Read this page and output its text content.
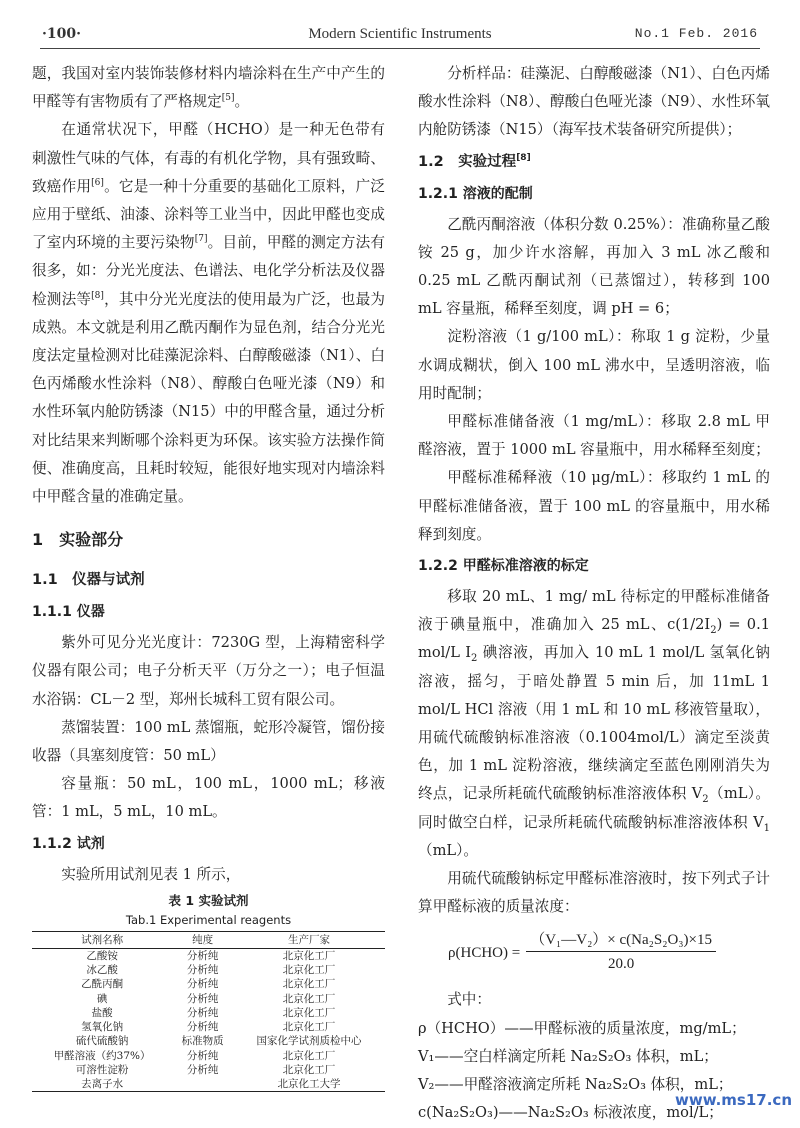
·100·	Modern Scientific Instruments	No.1 Feb. 2016

题，我国对室内装饰装修材料内墙涂料在生产中产生的甲醛等有害物质有了严格规定[5]。

在通常状况下，甲醛（HCHO）是一种无色带有刺激性气味的气体，有毒的有机化学物，具有强致畸、致癌作用[6]。它是一种十分重要的基础化工原料，广泛应用于壁纸、油漆、涂料等工业当中，因此甲醛也变成了室内环境的主要污染物[7]。目前，甲醛的测定方法有很多，如：分光光度法、色谱法、电化学分析法及仪器检测法等[8]，其中分光光度法的使用最为广泛，也最为成熟。本文就是利用乙酰丙酮作为显色剂，结合分光光度法定量检测对比硅藻泥涂料、白醇酸磁漆（N1）、白色丙烯酸水性涂料（N8）、醇酸白色哑光漆（N9）和水性环氧内舱防锈漆（N15）中的甲醛含量，通过分析对比结果来判断哪个涂料更为环保。该实验方法操作简便、准确度高，且耗时较短，能很好地实现对内墙涂料中甲醛含量的准确定量。

1　实验部分
1.1　仪器与试剂
1.1.1 仪器

紫外可见分光光度计：7230G 型，上海精密科学仪器有限公司；电子分析天平（万分之一）；电子恒温水浴锅：CL－2 型，郑州长城科工贸有限公司。

蒸馏装置：100 mL 蒸馏瓶，蛇形冷凝管，馏份接收器（具塞刻度管：50 mL）

容量瓶：50 mL，100 mL，1000 mL；移液管：1 mL，5 mL，10 mL。

1.1.2 试剂

实验所用试剂见表 1 所示，

表 1 实验试剂
Tab.1 Experimental reagents
试剂名称	纯度	生产厂家
乙酸铵	分析纯	北京化工厂
冰乙酸	分析纯	北京化工厂
乙酰丙酮	分析纯	北京化工厂
碘	分析纯	北京化工厂
盐酸	分析纯	北京化工厂
氢氧化钠	分析纯	北京化工厂
硫代硫酸钠	标准物质	国家化学试剂质检中心
甲醛溶液（约37%）	分析纯	北京化工厂
可溶性淀粉	分析纯	北京化工厂
去离子水		北京化工大学

分析样品：硅藻泥、白醇酸磁漆（N1）、白色丙烯酸水性涂料（N8）、醇酸白色哑光漆（N9）、水性环氧内舱防锈漆（N15）（海军技术装备研究所提供）；

1.2　实验过程[8]
1.2.1 溶液的配制

乙酰丙酮溶液（体积分数 0.25%）：准确称量乙酸铵 25 g，加少许水溶解，再加入 3 mL 冰乙酸和 0.25 mL 乙酰丙酮试剂（已蒸馏过），转移到 100 mL 容量瓶，稀释至刻度，调 pH = 6；

淀粉溶液（1 g/100 mL）：称取 1 g 淀粉，少量水调成糊状，倒入 100 mL 沸水中，呈透明溶液，临用时配制；

甲醛标准储备液（1 mg/mL）：移取 2.8 mL 甲醛溶液，置于 1000 mL 容量瓶中，用水稀释至刻度；

甲醛标准稀释液（10 μg/mL）：移取约 1 mL 的甲醛标准储备液，置于 100 mL 的容量瓶中，用水稀释到刻度。

1.2.2 甲醛标准溶液的标定

移取 20 mL、1 mg/ mL 待标定的甲醛标准储备液于碘量瓶中，准确加入 25 mL、$c(1/2I_2) = 0.1$ mol/L $I_2$ 碘溶液，再加入 10 mL 1 mol/L 氢氧化钠溶液，摇匀，于暗处静置 5 min 后，加 11mL 1 mol/L HCl 溶液（用 1 mL 和 10 mL 移液管量取），用硫代硫酸钠标准溶液（0.1004mol/L）滴定至淡黄色，加 1 mL 淀粉溶液，继续滴定至蓝色刚刚消失为终点，记录所耗硫代硫酸钠标准溶液体积 $V_2(mL)$。同时做空白样，记录所耗硫代硫酸钠标准溶液体积 $V_1(mL)$。

用硫代硫酸钠标定甲醛标准溶液时，按下列式子计算甲醛标液的质量浓度：

ρ(HCHO) = $\frac{\text{（V₁—V₂）× c(Na₂S₂O₃)×15}}{20.0}$

式中：

ρ（HCHO）——甲醛标液的质量浓度，mg/mL；

V₁——空白样滴定所耗 Na₂S₂O₃ 体积，mL；

V₂——甲醛溶液滴定所耗 Na₂S₂O₃ 体积，mL；

c(Na₂S₂O₃)——Na₂S₂O₃ 标液浓度，mol/L；

www.ms17.cn
